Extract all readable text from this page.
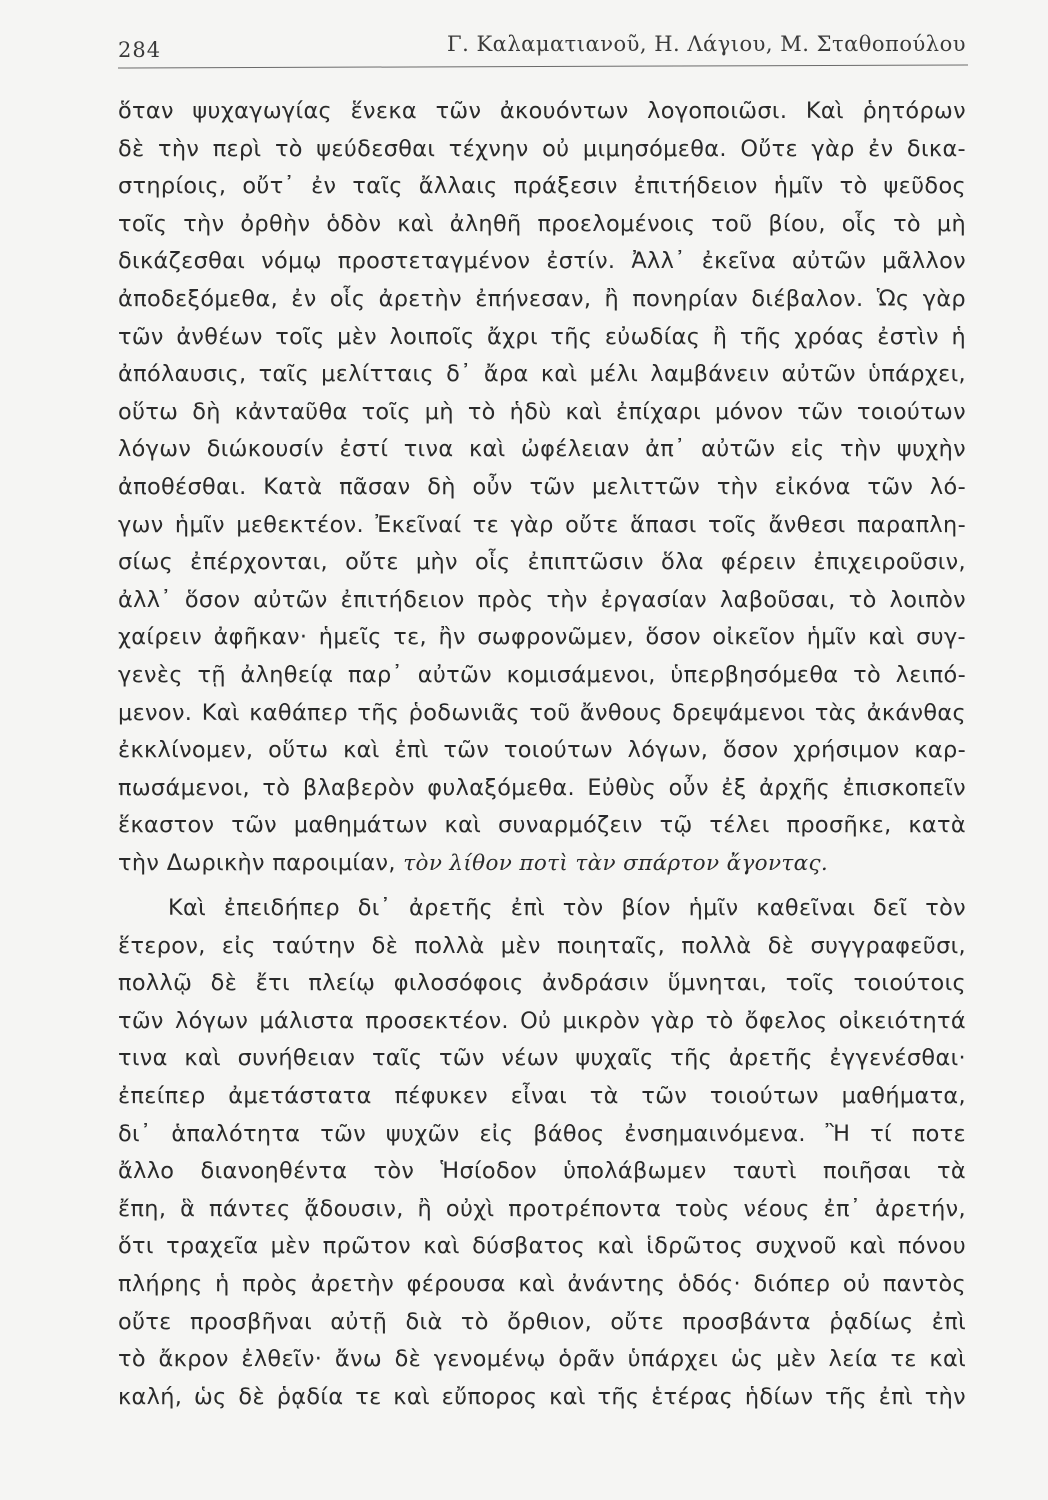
284	Γ. Καλαματιανοῦ, Η. Λάγιου, Μ. Σταθοπούλου
ὅταν ψυχαγωγίας ἕνεκα τῶν ἀκουόντων λογοποιῶσι. Καὶ ῥητόρων
δὲ τὴν περὶ τὸ ψεύδεσθαι τέχνην οὐ μιμησόμεθα. Οὔτε γὰρ ἐν δικα-
στηρίοις, οὔτ᾽ ἐν ταῖς ἄλλαις πράξεσιν ἐπιτήδειον ἡμῖν τὸ ψεῦδος
τοῖς τὴν ὀρθὴν ὁδὸν καὶ ἀληθῆ προελομένοις τοῦ βίου, οἷς τὸ μὴ
δικάζεσθαι νόμῳ προστεταγμένον ἐστίν. Ἀλλ᾽ ἐκεῖνα αὐτῶν μᾶλλον
ἀποδεξόμεθα, ἐν οἷς ἀρετὴν ἐπήνεσαν, ἢ πονηρίαν διέβαλον. Ὡς γὰρ
τῶν ἀνθέων τοῖς μὲν λοιποῖς ἄχρι τῆς εὐωδίας ἢ τῆς χρόας ἐστὶν ἡ
ἀπόλαυσις, ταῖς μελίτταις δ᾽ ἄρα καὶ μέλι λαμβάνειν αὐτῶν ὑπάρχει,
οὕτω δὴ κἀνταῦθα τοῖς μὴ τὸ ἡδὺ καὶ ἐπίχαρι μόνον τῶν τοιούτων
λόγων διώκουσίν ἐστί τινα καὶ ὠφέλειαν ἀπ᾽ αὐτῶν εἰς τὴν ψυχὴν
ἀποθέσθαι. Κατὰ πᾶσαν δὴ οὖν τῶν μελιττῶν τὴν εἰκόνα τῶν λό-
γων ἡμῖν μεθεκτέον. Ἐκεῖναί τε γὰρ οὔτε ἅπασι τοῖς ἄνθεσι παραπλη-
σίως ἐπέρχονται, οὔτε μὴν οἷς ἐπιπτῶσιν ὅλα φέρειν ἐπιχειροῦσιν,
ἀλλ᾽ ὅσον αὐτῶν ἐπιτήδειον πρὸς τὴν ἐργασίαν λαβοῦσαι, τὸ λοιπὸν
χαίρειν ἀφῆκαν· ἡμεῖς τε, ἢν σωφρονῶμεν, ὅσον οἰκεῖον ἡμῖν καὶ συγ-
γενὲς τῇ ἀληθείᾳ παρ᾽ αὐτῶν κομισάμενοι, ὑπερβησόμεθα τὸ λειπό-
μενον. Καὶ καθάπερ τῆς ῥοδωνιᾶς τοῦ ἄνθους δρεψάμενοι τὰς ἀκάνθας
ἐκκλίνομεν, οὕτω καὶ ἐπὶ τῶν τοιούτων λόγων, ὅσον χρήσιμον καρ-
πωσάμενοι, τὸ βλαβερὸν φυλαξόμεθα. Εὐθὺς οὖν ἐξ ἀρχῆς ἐπισκοπεῖν
ἕκαστον τῶν μαθημάτων καὶ συναρμόζειν τῷ τέλει προσῆκε, κατὰ
τὴν Δωρικὴν παροιμίαν, τὸν λίθον ποτὶ τὰν σπάρτον ἄγοντας.
Καὶ ἐπειδήπερ δι᾽ ἀρετῆς ἐπὶ τὸν βίον ἡμῖν καθεῖναι δεῖ τὸν
ἕτερον, εἰς ταύτην δὲ πολλὰ μὲν ποιηταῖς, πολλὰ δὲ συγγραφεῦσι,
πολλῷ δὲ ἔτι πλείῳ φιλοσόφοις ἀνδράσιν ὕμνηται, τοῖς τοιούτοις
τῶν λόγων μάλιστα προσεκτέον. Οὐ μικρὸν γὰρ τὸ ὄφελος οἰκειότητά
τινα καὶ συνήθειαν ταῖς τῶν νέων ψυχαῖς τῆς ἀρετῆς ἐγγενέσθαι·
ἐπείπερ ἀμετάστατα πέφυκεν εἶναι τὰ τῶν τοιούτων μαθήματα,
δι᾽ ἁπαλότητα τῶν ψυχῶν εἰς βάθος ἐνσημαινόμενα. Ἢ τί ποτε
ἄλλο διανοηθέντα τὸν Ἡσίοδον ὑπολάβωμεν ταυτὶ ποιῆσαι τὰ
ἔπη, ἃ πάντες ᾄδουσιν, ἢ οὐχὶ προτρέποντα τοὺς νέους ἐπ᾽ ἀρετήν,
ὅτι τραχεῖα μὲν πρῶτον καὶ δύσβατος καὶ ἱδρῶτος συχνοῦ καὶ πόνου
πλήρης ἡ πρὸς ἀρετὴν φέρουσα καὶ ἀνάντης ὁδός· διόπερ οὐ παντὸς
οὔτε προσβῆναι αὐτῇ διὰ τὸ ὄρθιον, οὔτε προσβάντα ῥᾳδίως ἐπὶ
τὸ ἄκρον ἐλθεῖν· ἄνω δὲ γενομένῳ ὁρᾶν ὑπάρχει ὡς μὲν λεία τε καὶ
καλή, ὡς δὲ ῥᾳδία τε καὶ εὔπορος καὶ τῆς ἑτέρας ἡδίων τῆς ἐπὶ τὴν
